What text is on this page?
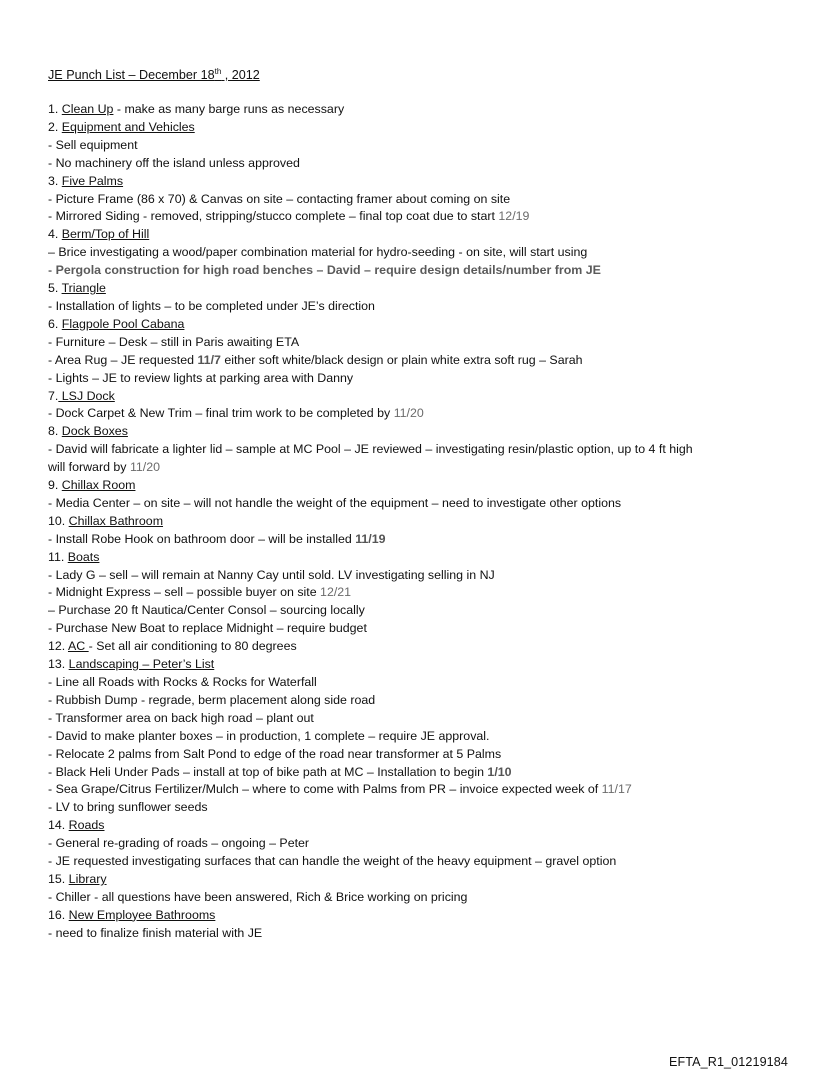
JE Punch List – December 18th , 2012
1. Clean Up - make as many barge runs as necessary
2. Equipment and Vehicles
- Sell equipment
- No machinery off the island unless approved
3. Five Palms
- Picture Frame (86 x 70) & Canvas on site – contacting framer about coming on site
- Mirrored Siding - removed, stripping/stucco complete – final top coat due to start 12/19
4. Berm/Top of Hill
– Brice investigating a wood/paper combination material for hydro-seeding - on site, will start using
- Pergola construction for high road benches – David – require design details/number from JE
5. Triangle
- Installation of lights – to be completed under JE’s direction
6. Flagpole Pool Cabana
- Furniture – Desk – still in Paris awaiting ETA
- Area Rug – JE requested 11/7 either soft white/black design or plain white extra soft rug – Sarah
- Lights – JE to review lights at parking area with Danny
7. LSJ Dock
- Dock Carpet & New Trim – final trim work to be completed by 11/20
8. Dock Boxes
- David will fabricate a lighter lid – sample at MC Pool – JE reviewed – investigating resin/plastic option, up to 4 ft high
will forward by 11/20
9. Chillax Room
- Media Center – on site – will not handle the weight of the equipment – need to investigate other options
10. Chillax Bathroom
- Install Robe Hook on bathroom door – will be installed 11/19
11. Boats
- Lady G – sell – will remain at Nanny Cay until sold. LV investigating selling in NJ
- Midnight Express – sell – possible buyer on site 12/21
– Purchase 20 ft Nautica/Center Consol – sourcing locally
- Purchase New Boat to replace Midnight – require budget
12. AC - Set all air conditioning to 80 degrees
13. Landscaping – Peter’s List
- Line all Roads with Rocks & Rocks for Waterfall
- Rubbish Dump - regrade, berm placement along side road
- Transformer area on back high road – plant out
- David to make planter boxes – in production, 1 complete – require JE approval.
- Relocate 2 palms from Salt Pond to edge of the road near transformer at 5 Palms
- Black Heli Under Pads – install at top of bike path at MC – Installation to begin 1/10
- Sea Grape/Citrus Fertilizer/Mulch – where to come with Palms from PR – invoice expected week of 11/17
- LV to bring sunflower seeds
14. Roads
- General re-grading of roads – ongoing – Peter
- JE requested investigating surfaces that can handle the weight of the heavy equipment – gravel option
15. Library
- Chiller - all questions have been answered, Rich & Brice working on pricing
16. New Employee Bathrooms
- need to finalize finish material with JE
EFTA_R1_01219184
